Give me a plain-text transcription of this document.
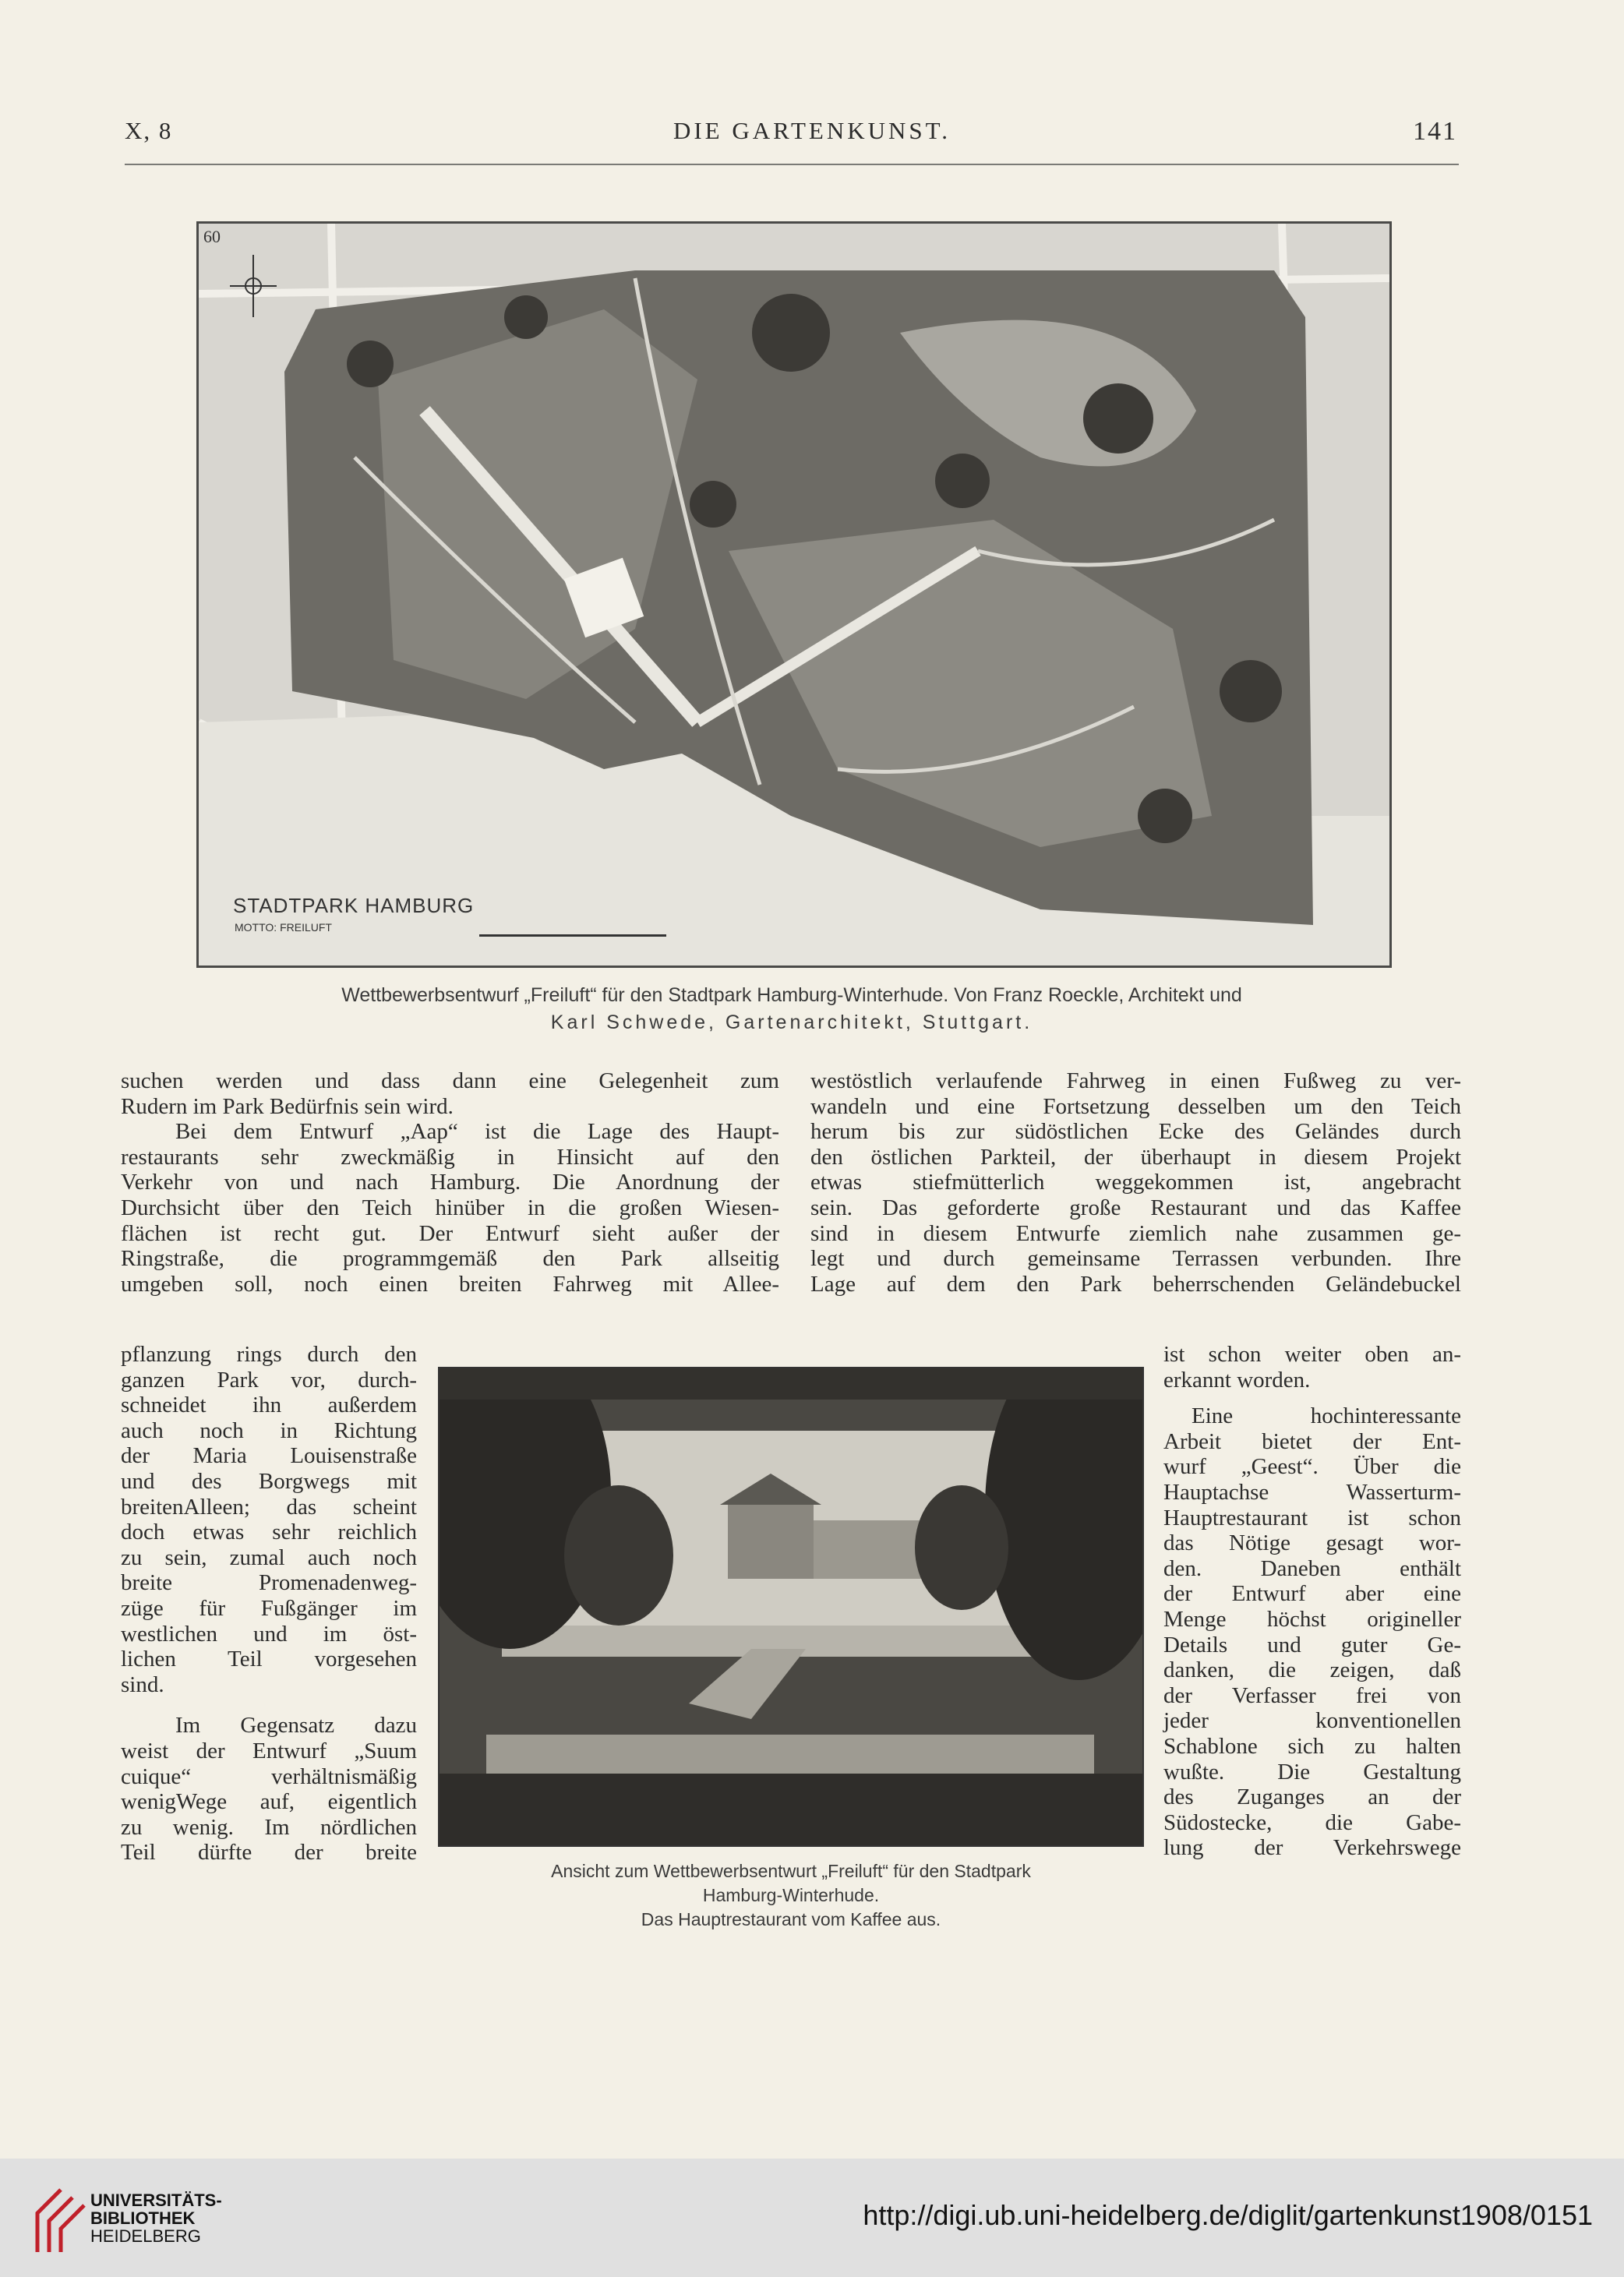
X, 8	DIE GARTENKUNST.	141
60
STADTPARK HAMBURG
MOTTO: FREILUFT
Wettbewerbsentwurf „Freiluft“ für den Stadtpark Hamburg-Winterhude. Von Franz Roeckle, Architekt und
Karl Schwede, Gartenarchitekt, Stuttgart.
suchen werden und dass dann eine Gelegenheit zum
Rudern im Park Bedürfnis sein wird.
Bei dem Entwurf „Aap“ ist die Lage des Haupt-
restaurants sehr zweckmäßig in Hinsicht auf den
Verkehr von und nach Hamburg. Die Anordnung der
Durchsicht über den Teich hinüber in die großen Wiesen-
flächen ist recht gut. Der Entwurf sieht außer der
Ringstraße, die programmgemäß den Park allseitig
umgeben soll, noch einen breiten Fahrweg mit Allee-
pflanzung rings durch den
ganzen Park vor, durch-
schneidet ihn außerdem
auch noch in Richtung
der Maria Louisenstraße
und des Borgwegs mit
breitenAlleen; das scheint
doch etwas sehr reichlich
zu sein, zumal auch noch
breite Promenadenweg-
züge für Fußgänger im
westlichen und im öst-
lichen Teil vorgesehen
sind.
Im Gegensatz dazu
weist der Entwurf „Suum
cuique“ verhältnismäßig
wenigWege auf, eigentlich
zu wenig. Im nördlichen
Teil dürfte der breite
westöstlich verlaufende Fahrweg in einen Fußweg zu ver-
wandeln und eine Fortsetzung desselben um den Teich
herum bis zur südöstlichen Ecke des Geländes durch
den östlichen Parkteil, der überhaupt in diesem Projekt
etwas stiefmütterlich weggekommen ist, angebracht
sein. Das geforderte große Restaurant und das Kaffee
sind in diesem Entwurfe ziemlich nahe zusammen ge-
legt und durch gemeinsame Terrassen verbunden. Ihre
Lage auf dem den Park beherrschenden Geländebuckel
ist schon weiter oben an-
erkannt worden.
Eine hochinteressante
Arbeit bietet der Ent-
wurf „Geest“. Über die
Hauptachse Wasserturm-
Hauptrestaurant ist schon
das Nötige gesagt wor-
den. Daneben enthält
der Entwurf aber eine
Menge höchst origineller
Details und guter Ge-
danken, die zeigen, daß
der Verfasser frei von
jeder konventionellen
Schablone sich zu halten
wußte. Die Gestaltung
des Zuganges an der
Südostecke, die Gabe-
lung der Verkehrswege
Ansicht zum Wettbewerbsentwurt „Freiluft“ für den Stadtpark
Hamburg-Winterhude.
Das Hauptrestaurant vom Kaffee aus.
UNIVERSITÄTS-
BIBLIOTHEK
HEIDELBERG
http://digi.ub.uni-heidelberg.de/diglit/gartenkunst1908/0151
